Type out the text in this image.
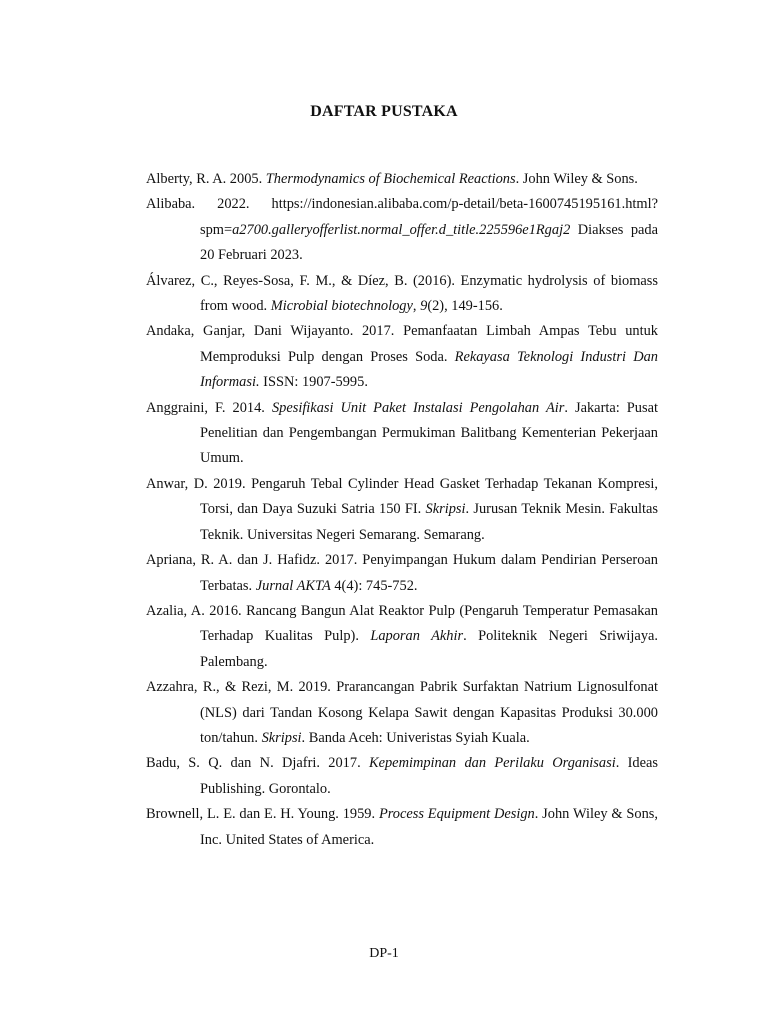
DAFTAR PUSTAKA
Alberty, R. A. 2005. Thermodynamics of Biochemical Reactions. John Wiley & Sons.
Alibaba. 2022. https://indonesian.alibaba.com/p-detail/beta-1600745195161.html?spm=a2700.galleryofferlist.normal_offer.d_title.225596e1Rgaj2 Diakses pada 20 Februari 2023.
Álvarez, C., Reyes-Sosa, F. M., & Díez, B. (2016). Enzymatic hydrolysis of biomass from wood. Microbial biotechnology, 9(2), 149-156.
Andaka, Ganjar, Dani Wijayanto. 2017. Pemanfaatan Limbah Ampas Tebu untuk Memproduksi Pulp dengan Proses Soda. Rekayasa Teknologi Industri Dan Informasi. ISSN: 1907-5995.
Anggraini, F. 2014. Spesifikasi Unit Paket Instalasi Pengolahan Air. Jakarta: Pusat Penelitian dan Pengembangan Permukiman Balitbang Kementerian Pekerjaan Umum.
Anwar, D. 2019. Pengaruh Tebal Cylinder Head Gasket Terhadap Tekanan Kompresi, Torsi, dan Daya Suzuki Satria 150 FI. Skripsi. Jurusan Teknik Mesin. Fakultas Teknik. Universitas Negeri Semarang. Semarang.
Apriana, R. A. dan J. Hafidz. 2017. Penyimpangan Hukum dalam Pendirian Perseroan Terbatas. Jurnal AKTA 4(4): 745-752.
Azalia, A. 2016. Rancang Bangun Alat Reaktor Pulp (Pengaruh Temperatur Pemasakan Terhadap Kualitas Pulp). Laporan Akhir. Politeknik Negeri Sriwijaya. Palembang.
Azzahra, R., & Rezi, M. 2019. Prarancangan Pabrik Surfaktan Natrium Lignosulfonat (NLS) dari Tandan Kosong Kelapa Sawit dengan Kapasitas Produksi 30.000 ton/tahun. Skripsi. Banda Aceh: Univeristas Syiah Kuala.
Badu, S. Q. dan N. Djafri. 2017. Kepemimpinan dan Perilaku Organisasi. Ideas Publishing. Gorontalo.
Brownell, L. E. dan E. H. Young. 1959. Process Equipment Design. John Wiley & Sons, Inc. United States of America.

DP-1
